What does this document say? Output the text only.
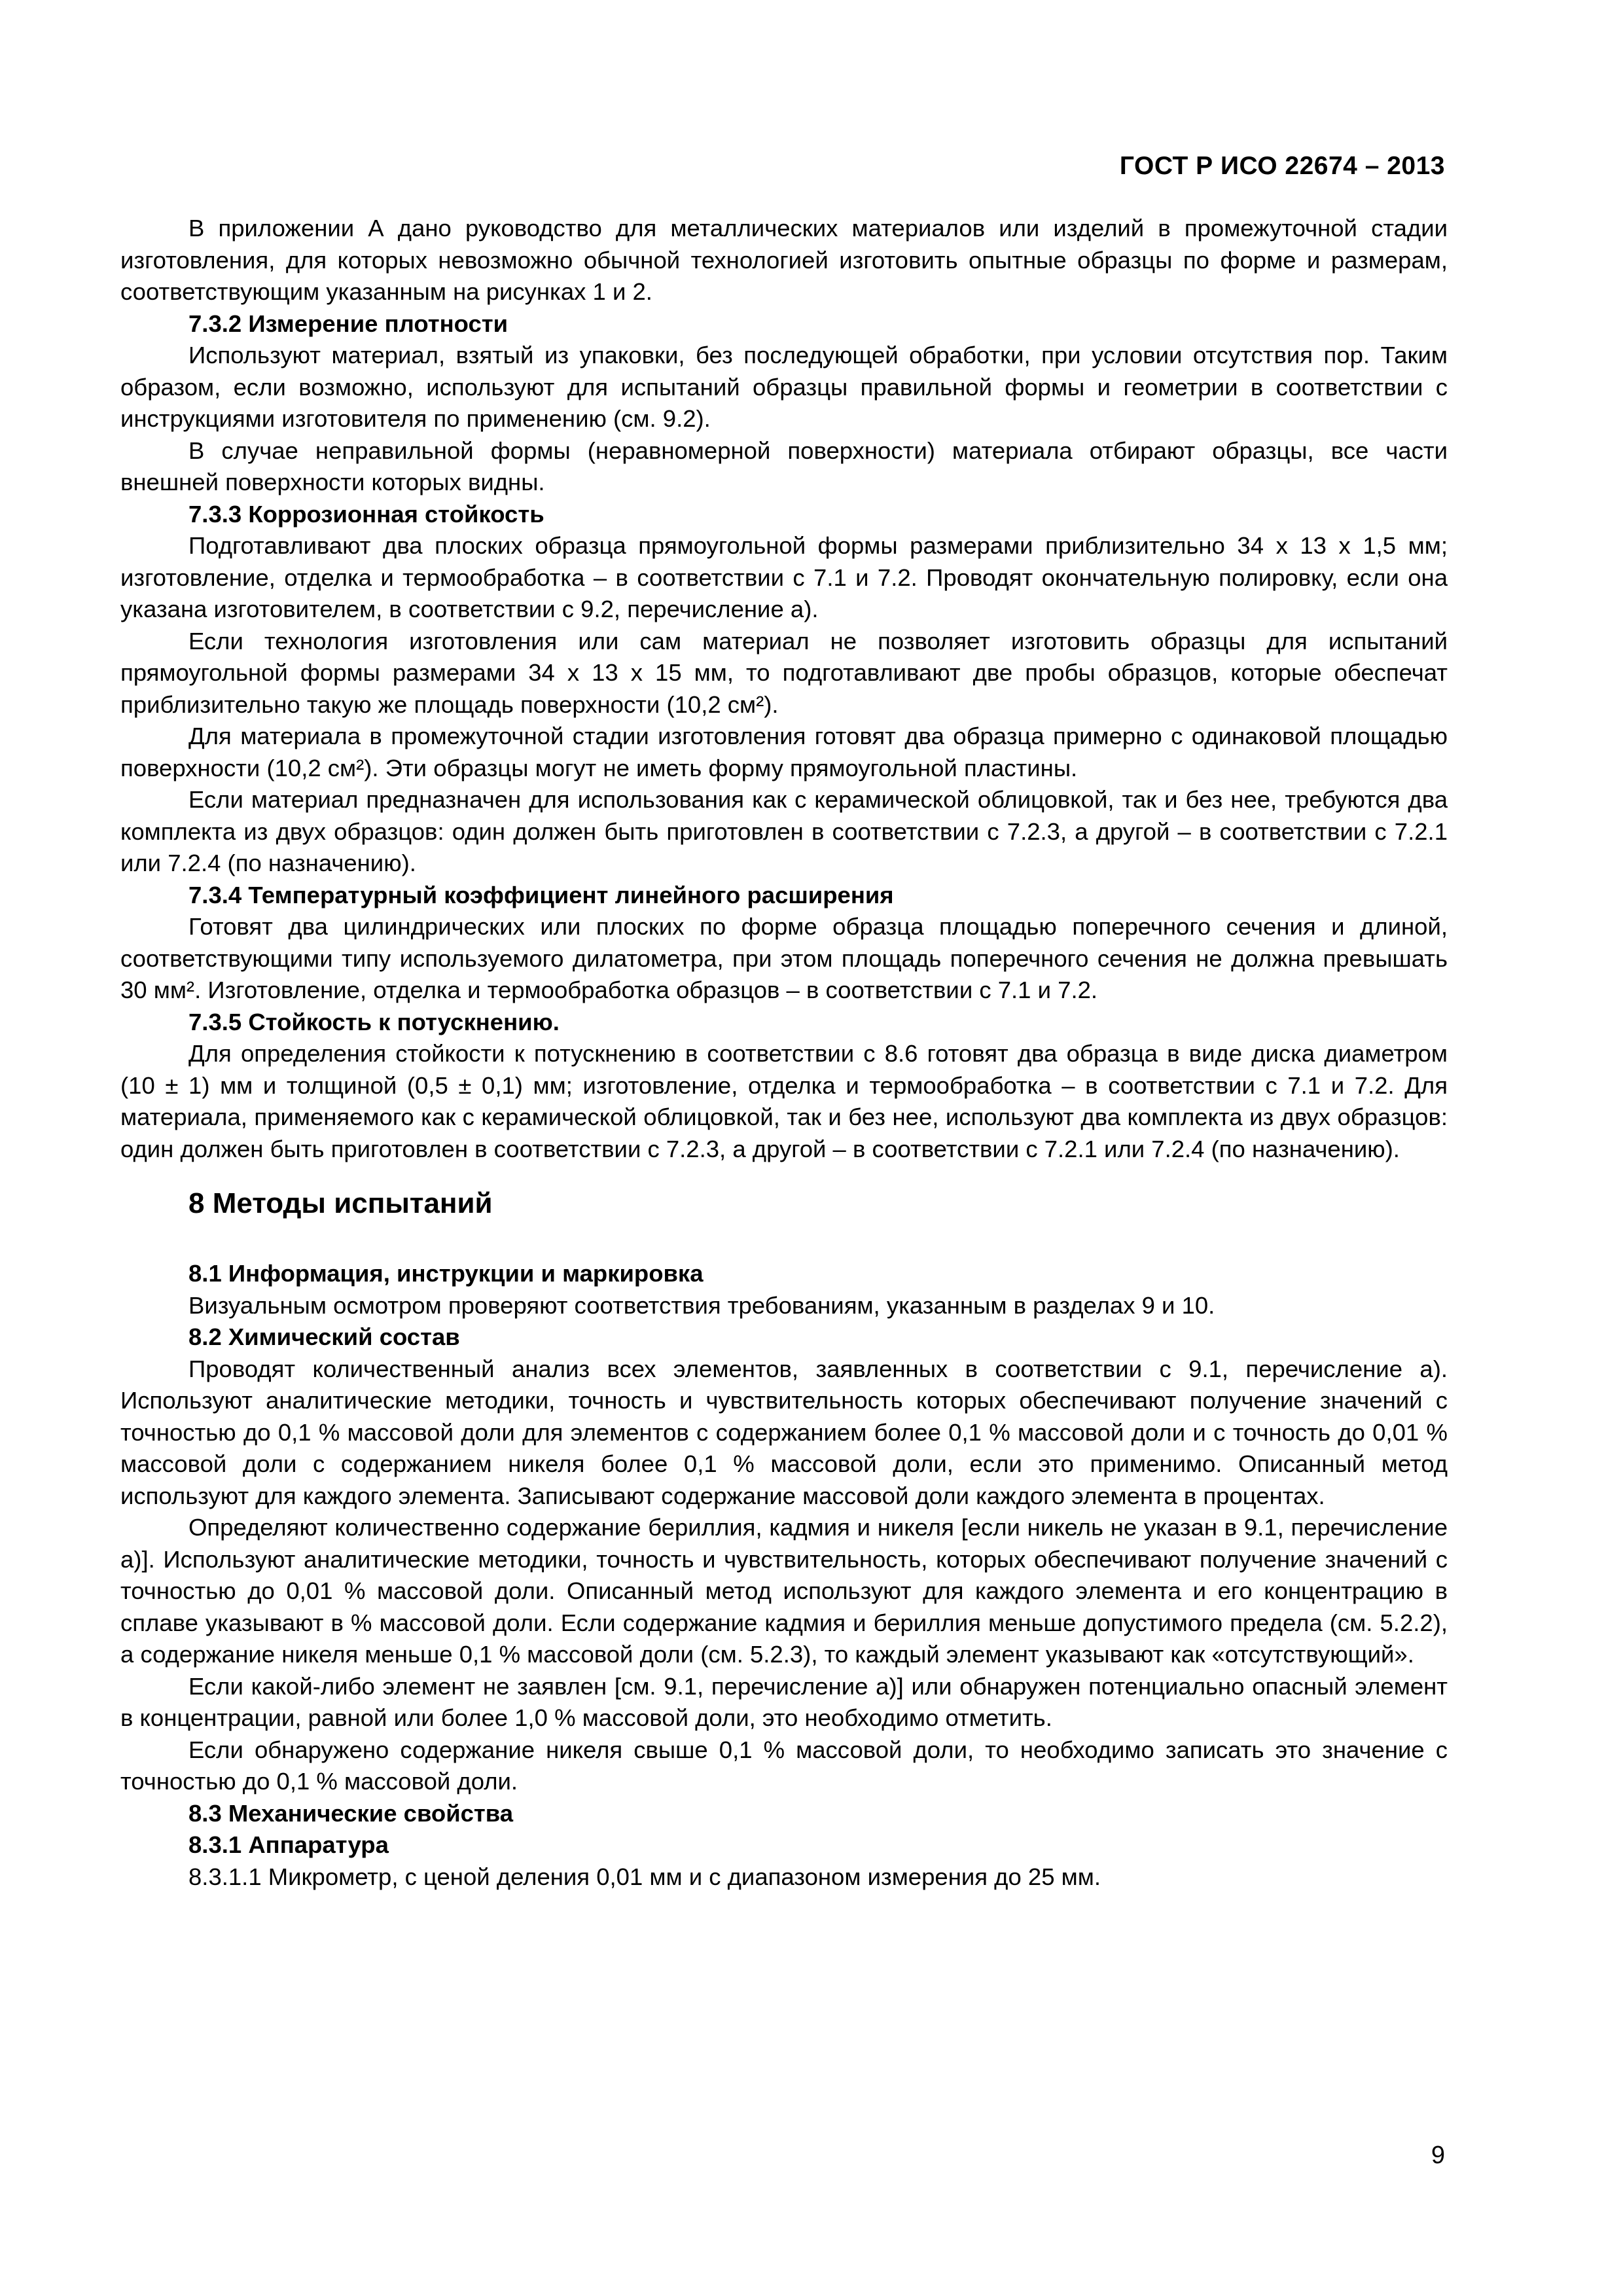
ГОСТ Р ИСО 22674 – 2013
В приложении А дано руководство для металлических материалов или изделий в промежуточной стадии изготовления, для которых невозможно обычной технологией изготовить опытные образцы по форме и размерам, соответствующим указанным на рисунках 1 и 2.
7.3.2 Измерение плотности
Используют материал, взятый из упаковки, без последующей обработки, при условии отсутствия пор. Таким образом, если возможно, используют для испытаний образцы правильной формы и геометрии в соответствии с инструкциями изготовителя по применению (см. 9.2).
В случае неправильной формы (неравномерной поверхности) материала отбирают образцы, все части внешней поверхности которых видны.
7.3.3 Коррозионная стойкость
Подготавливают два плоских образца прямоугольной формы размерами приблизительно 34 х 13 х 1,5 мм; изготовление, отделка и термообработка – в соответствии с 7.1 и 7.2. Проводят окончательную полировку, если она указана изготовителем, в соответствии с 9.2, перечисление а).
Если технология изготовления или сам материал не позволяет изготовить образцы для испытаний прямоугольной формы размерами 34 х 13 х 15 мм, то подготавливают две пробы образцов, которые обеспечат приблизительно такую же площадь поверхности (10,2 см²).
Для материала в промежуточной стадии изготовления готовят два образца примерно с одинаковой площадью поверхности (10,2 см²). Эти образцы могут не иметь форму прямоугольной пластины.
Если материал предназначен для использования как с керамической облицовкой, так и без нее, требуются два комплекта из двух образцов: один должен быть приготовлен в соответствии с 7.2.3, а другой – в соответствии с 7.2.1 или 7.2.4 (по назначению).
7.3.4 Температурный коэффициент линейного расширения
Готовят два цилиндрических или плоских по форме образца площадью поперечного сечения и длиной, соответствующими типу используемого дилатометра, при этом площадь поперечного сечения не должна превышать 30 мм². Изготовление, отделка и термообработка образцов – в соответствии с 7.1 и 7.2.
7.3.5 Стойкость к потускнению.
Для определения стойкости к потускнению в соответствии с 8.6 готовят два образца в виде диска диаметром (10 ± 1) мм и толщиной (0,5 ± 0,1) мм; изготовление, отделка и термообработка – в соответствии с 7.1 и 7.2. Для материала, применяемого как с керамической облицовкой, так и без нее, используют два комплекта из двух образцов: один должен быть приготовлен в соответствии с 7.2.3, а другой – в соответствии с 7.2.1 или 7.2.4 (по назначению).
8 Методы испытаний
8.1 Информация, инструкции и маркировка
Визуальным осмотром проверяют соответствия требованиям, указанным в разделах 9 и 10.
8.2 Химический состав
Проводят количественный анализ всех элементов, заявленных в соответствии с 9.1, перечисление а). Используют аналитические методики, точность и чувствительность которых обеспечивают получение значений с точностью до 0,1 % массовой доли для элементов с содержанием более 0,1 % массовой доли и с точность до 0,01 % массовой доли с содержанием никеля более 0,1 % массовой доли, если это применимо. Описанный метод используют для каждого элемента. Записывают содержание массовой доли каждого элемента в процентах.
Определяют количественно содержание бериллия, кадмия и никеля [если никель не указан в 9.1, перечисление а)]. Используют аналитические методики, точность и чувствительность, которых обеспечивают получение значений с точностью до 0,01 % массовой доли. Описанный метод используют для каждого элемента и его концентрацию в сплаве указывают в % массовой доли. Если содержание кадмия и бериллия меньше допустимого предела (см. 5.2.2), а содержание никеля меньше 0,1 % массовой доли (см. 5.2.3), то каждый элемент указывают как «отсутствующий».
Если какой-либо элемент не заявлен [см. 9.1, перечисление а)] или обнаружен потенциально опасный элемент в концентрации, равной или более 1,0 % массовой доли, это необходимо отметить.
Если обнаружено содержание никеля свыше 0,1 % массовой доли, то необходимо записать это значение с точностью до 0,1 % массовой доли.
8.3 Механические свойства
8.3.1 Аппаратура
8.3.1.1 Микрометр, с ценой деления 0,01 мм и с диапазоном измерения до 25 мм.
9
